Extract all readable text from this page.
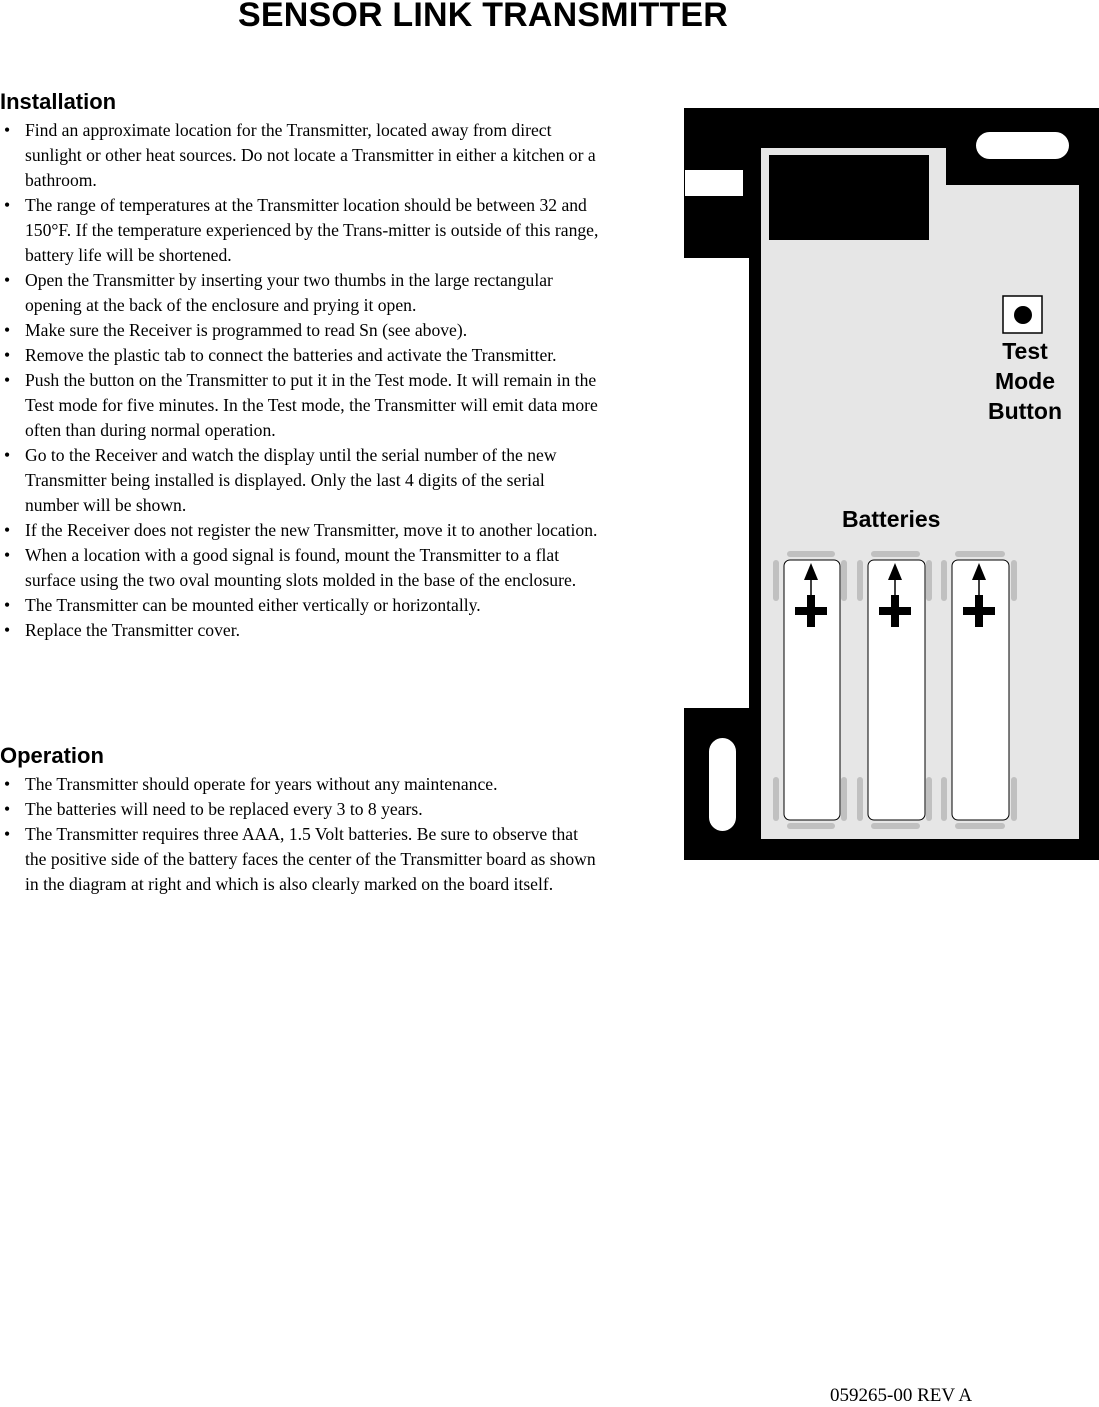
SENSOR LINK TRANSMITTER
Installation
• Find an approximate location for the Transmitter, located away from direct sunlight or other heat sources. Do not locate a Transmitter in either a kitchen or a bathroom.
• The range of temperatures at the Transmitter location should be between 32 and 150°F. If the temperature experienced by the Trans-mitter is outside of this range, battery life will be shortened.
• Open the Transmitter by inserting your two thumbs in the large rectangular opening at the back of the enclosure and prying it open.
• Make sure the Receiver is programmed to read Sn (see above).
• Remove the plastic tab to connect the batteries and activate the Transmitter.
• Push the button on the Transmitter to put it in the Test mode. It will remain in the Test mode for five minutes. In the Test mode, the Transmitter will emit data more often than during normal operation.
• Go to the Receiver and watch the display until the serial number of the new Transmitter being installed is displayed. Only the last 4 digits of the serial number will be shown.
• If the Receiver does not register the new Transmitter, move it to another location.
• When a location with a good signal is found, mount the Transmitter to a flat surface using the two oval mounting slots molded in the base of the enclosure.
• The Transmitter can be mounted either vertically or horizontally.
• Replace the Transmitter cover.
Operation
• The Transmitter should operate for years without any maintenance.
• The batteries will need to be replaced every 3 to 8 years.
• The Transmitter requires three AAA, 1.5 Volt batteries. Be sure to observe that the positive side of the battery faces the center of the Transmitter board as shown in the diagram at right and which is also clearly marked on the board itself.
Test
Mode
Button
Batteries
059265-00 REV A
